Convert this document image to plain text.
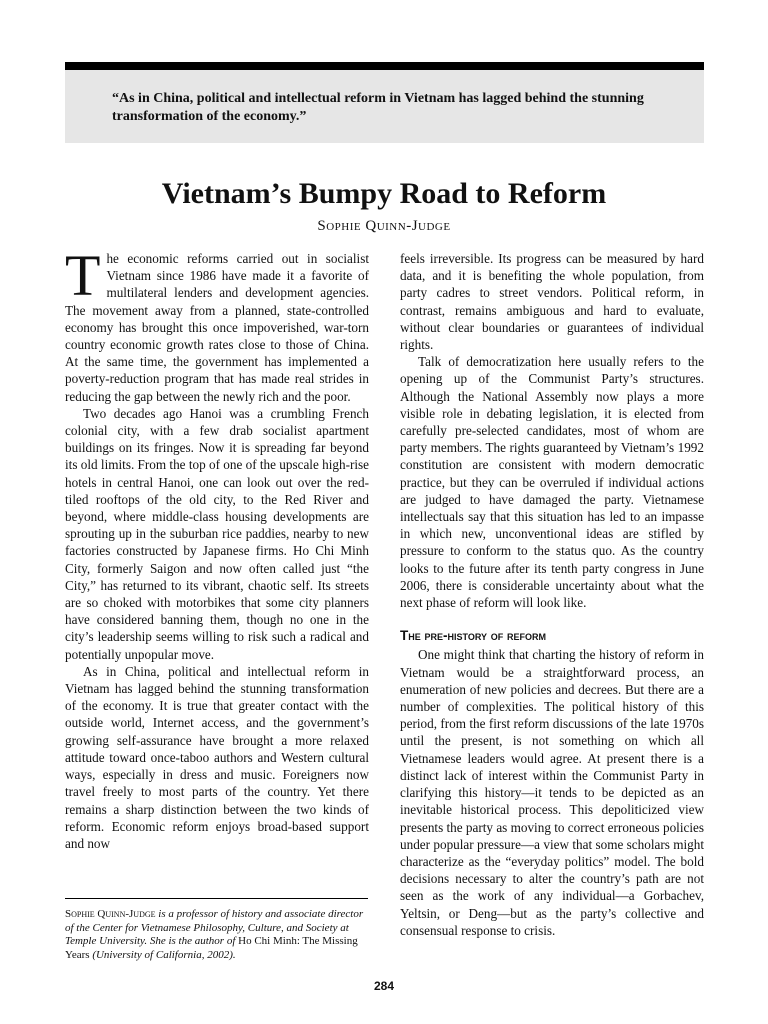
“As in China, political and intellectual reform in Vietnam has lagged behind the stunning transformation of the economy.”
Vietnam’s Bumpy Road to Reform
Sophie Quinn-Judge

The economic reforms carried out in socialist Vietnam since 1986 have made it a favorite of multilateral lenders and development agencies. The movement away from a planned, state-controlled economy has brought this once impoverished, war-torn country economic growth rates close to those of China. At the same time, the government has implemented a poverty-reduction program that has made real strides in reducing the gap between the newly rich and the poor.

Two decades ago Hanoi was a crumbling French colonial city, with a few drab socialist apartment buildings on its fringes. Now it is spreading far beyond its old limits. From the top of one of the upscale high-rise hotels in central Hanoi, one can look out over the red-tiled rooftops of the old city, to the Red River and beyond, where middle-class housing developments are sprouting up in the suburban rice paddies, nearby to new factories constructed by Japanese firms. Ho Chi Minh City, formerly Saigon and now often called just “the City,” has returned to its vibrant, chaotic self. Its streets are so choked with motorbikes that some city planners have considered banning them, though no one in the city’s leadership seems willing to risk such a radical and potentially unpopular move.

As in China, political and intellectual reform in Vietnam has lagged behind the stunning transformation of the economy. It is true that greater contact with the outside world, Internet access, and the government’s growing self-assurance have brought a more relaxed attitude toward once-taboo authors and Western cultural ways, especially in dress and music. Foreigners now travel freely to most parts of the country. Yet there remains a sharp distinction between the two kinds of reform. Economic reform enjoys broad-based support and now

feels irreversible. Its progress can be measured by hard data, and it is benefiting the whole population, from party cadres to street vendors. Political reform, in contrast, remains ambiguous and hard to evaluate, without clear boundaries or guarantees of individual rights.

Talk of democratization here usually refers to the opening up of the Communist Party’s structures. Although the National Assembly now plays a more visible role in debating legislation, it is elected from carefully pre-selected candidates, most of whom are party members. The rights guaranteed by Vietnam’s 1992 constitution are consistent with modern democratic practice, but they can be overruled if individual actions are judged to have damaged the party. Vietnamese intellectuals say that this situation has led to an impasse in which new, unconventional ideas are stifled by pressure to conform to the status quo. As the country looks to the future after its tenth party congress in June 2006, there is considerable uncertainty about what the next phase of reform will look like.

The pre-history of reform

One might think that charting the history of reform in Vietnam would be a straightforward process, an enumeration of new policies and decrees. But there are a number of complexities. The political history of this period, from the first reform discussions of the late 1970s until the present, is not something on which all Vietnamese leaders would agree. At present there is a distinct lack of interest within the Communist Party in clarifying this history—it tends to be depicted as an inevitable historical process. This depoliticized view presents the party as moving to correct erroneous policies under popular pressure—a view that some scholars might characterize as the “everyday politics” model. The bold decisions necessary to alter the country’s path are not seen as the work of any individual—a Gorbachev, Yeltsin, or Deng—but as the party’s collective and consensual response to crisis.

Sophie Quinn-Judge is a professor of history and associate director of the Center for Vietnamese Philosophy, Culture, and Society at Temple University. She is the author of Ho Chi Minh: The Missing Years (University of California, 2002).
284
